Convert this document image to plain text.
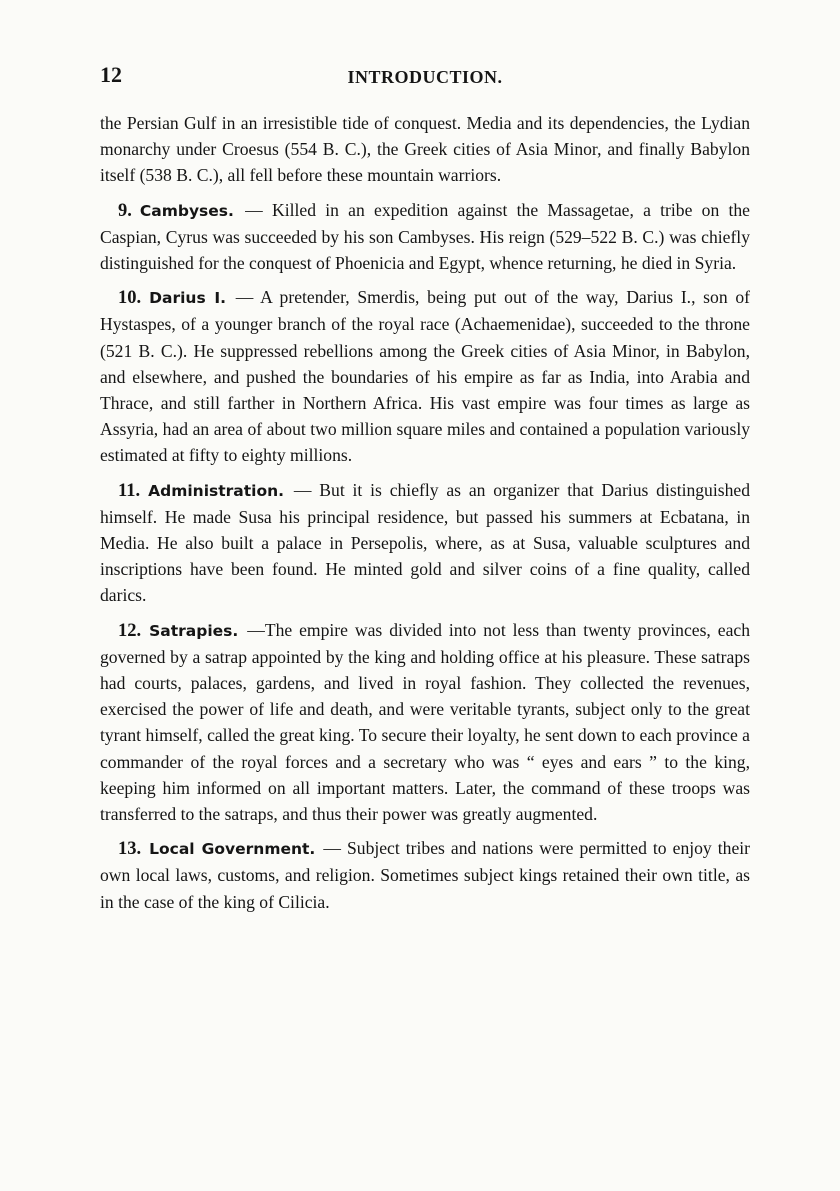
12	INTRODUCTION.

the Persian Gulf in an irresistible tide of conquest. Media and its dependencies, the Lydian monarchy under Croesus (554 B. C.), the Greek cities of Asia Minor, and finally Babylon itself (538 B. C.), all fell before these mountain warriors.

9. Cambyses. — Killed in an expedition against the Massagetae, a tribe on the Caspian, Cyrus was succeeded by his son Cambyses. His reign (529–522 B. C.) was chiefly distinguished for the conquest of Phoenicia and Egypt, whence returning, he died in Syria.

10. Darius I. — A pretender, Smerdis, being put out of the way, Darius I., son of Hystaspes, of a younger branch of the royal race (Achaemenidae), succeeded to the throne (521 B. C.). He suppressed rebellions among the Greek cities of Asia Minor, in Babylon, and elsewhere, and pushed the boundaries of his empire as far as India, into Arabia and Thrace, and still farther in Northern Africa. His vast empire was four times as large as Assyria, had an area of about two million square miles and contained a population variously estimated at fifty to eighty millions.

11. Administration. — But it is chiefly as an organizer that Darius distinguished himself. He made Susa his principal residence, but passed his summers at Ecbatana, in Media. He also built a palace in Persepolis, where, as at Susa, valuable sculptures and inscriptions have been found. He minted gold and silver coins of a fine quality, called darics.

12. Satrapies. —The empire was divided into not less than twenty provinces, each governed by a satrap appointed by the king and holding office at his pleasure. These satraps had courts, palaces, gardens, and lived in royal fashion. They collected the revenues, exercised the power of life and death, and were veritable tyrants, subject only to the great tyrant himself, called the great king. To secure their loyalty, he sent down to each province a commander of the royal forces and a secretary who was “ eyes and ears ” to the king, keeping him informed on all important matters. Later, the command of these troops was transferred to the satraps, and thus their power was greatly augmented.

13. Local Government. — Subject tribes and nations were permitted to enjoy their own local laws, customs, and religion. Sometimes subject kings retained their own title, as in the case of the king of Cilicia.
